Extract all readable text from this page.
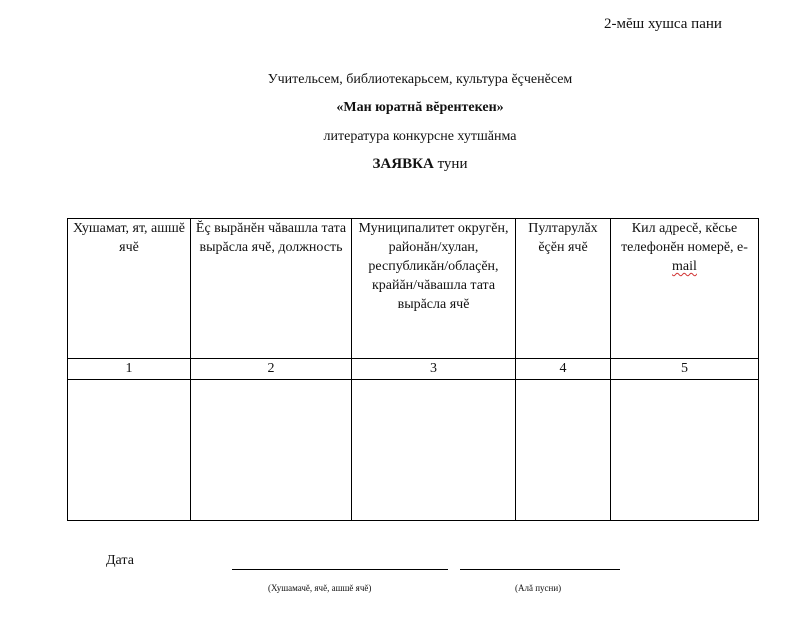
2-мĕш хушса пани
Учительсем, библиотекарьсем, культура ĕçченĕсем
«Ман юратнă вĕрентекен»
литература конкурсне хутшăнма
ЗАЯВКА туни
Хушамат, ят, ашшĕ ячĕ	Ĕç вырăнĕн чăвашла тата вырăсла ячĕ, должность	Муниципалитет округĕн, районăн/хулан, республикăн/облаçĕн, крайăн/чăвашла тата вырăсла ячĕ	Пултарулăх ĕçĕн ячĕ	Кил адресĕ, кĕсье телефонĕн номерĕ, e-mail
1	2	3	4	5

Дата
(Хушамачĕ, ячĕ, ашшĕ ячĕ)	(Алă пусни)
